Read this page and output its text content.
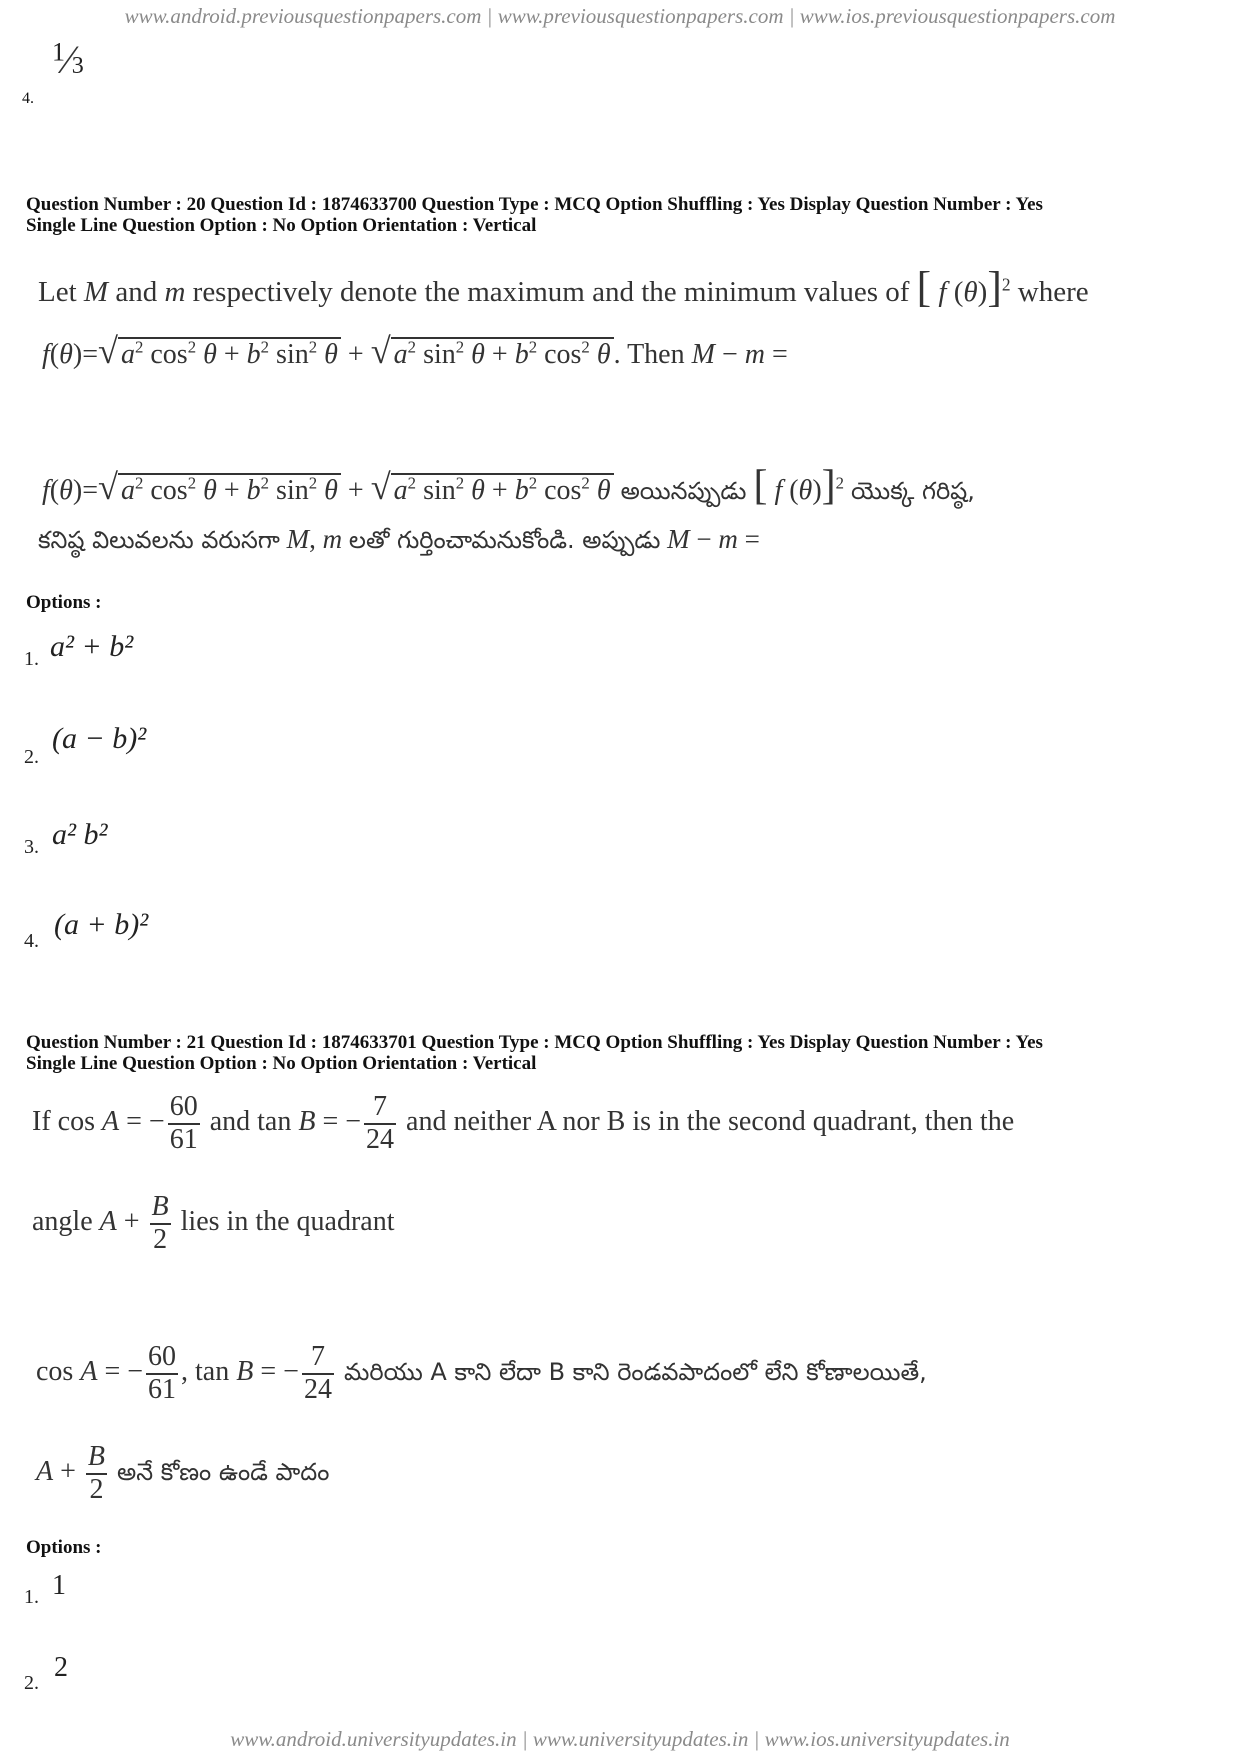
www.android.previousquestionpapers.com | www.previousquestionpapers.com | www.ios.previousquestionpapers.com
4.
$^1$⁄3
Question Number : 20 Question Id : 1874633700 Question Type : MCQ Option Shuffling : Yes Display Question Number : Yes
Single Line Question Option : No Option Orientation : Vertical
Let M and m respectively denote the maximum and the minimum values of [ f (θ)]$^2$ where
f(θ)=√ $a^2$ $\cos^2 \theta + b^2$ $\sin^2 \theta$ + √ $a^2$ $\sin^2 \theta + b^2$ $\cos^2 \theta$ . Then M − m =
f(θ)=√ $a^2$ $\cos^2 \theta + b^2$ $\sin^2 \theta$ + √ $a^2$ $\sin^2 \theta + b^2$ $\cos^2 \theta$ అయినప్పుడు [ f (θ)]$^2$ యొక్క గరిష్ఠ,
కనిష్ఠ విలువలను వరుసగా M, m లతో గుర్తించామనుకోండి. అప్పుడు M − m =
Options :
1. a² + b²
2.
(a − b)²
3. a² b²
4. (a + b)²
Question Number : 21 Question Id : 1874633701 Question Type : MCQ Option Shuffling : Yes Display Question Number : Yes
Single Line Question Option : No Option Orientation : Vertical
If cos A = − $\frac{60}{61}$ and tan B = − $\frac{7}{24}$ and neither A nor B is in the second quadrant, then the
angle $A + \frac{B}{2}$ lies in the quadrant
cos A = − $\frac{60}{61}$ , tan B = − $\frac{7}{24}$ మరియు A కాని లేదా B కాని రెండవపాదంలో లేని కోణాలయితే,
$A + \frac{B}{2}$ అనే కోణం ఉండే పాదం
Options :
1. 1
2. 2
www.android.universityupdates.in | www.universityupdates.in | www.ios.universityupdates.in
